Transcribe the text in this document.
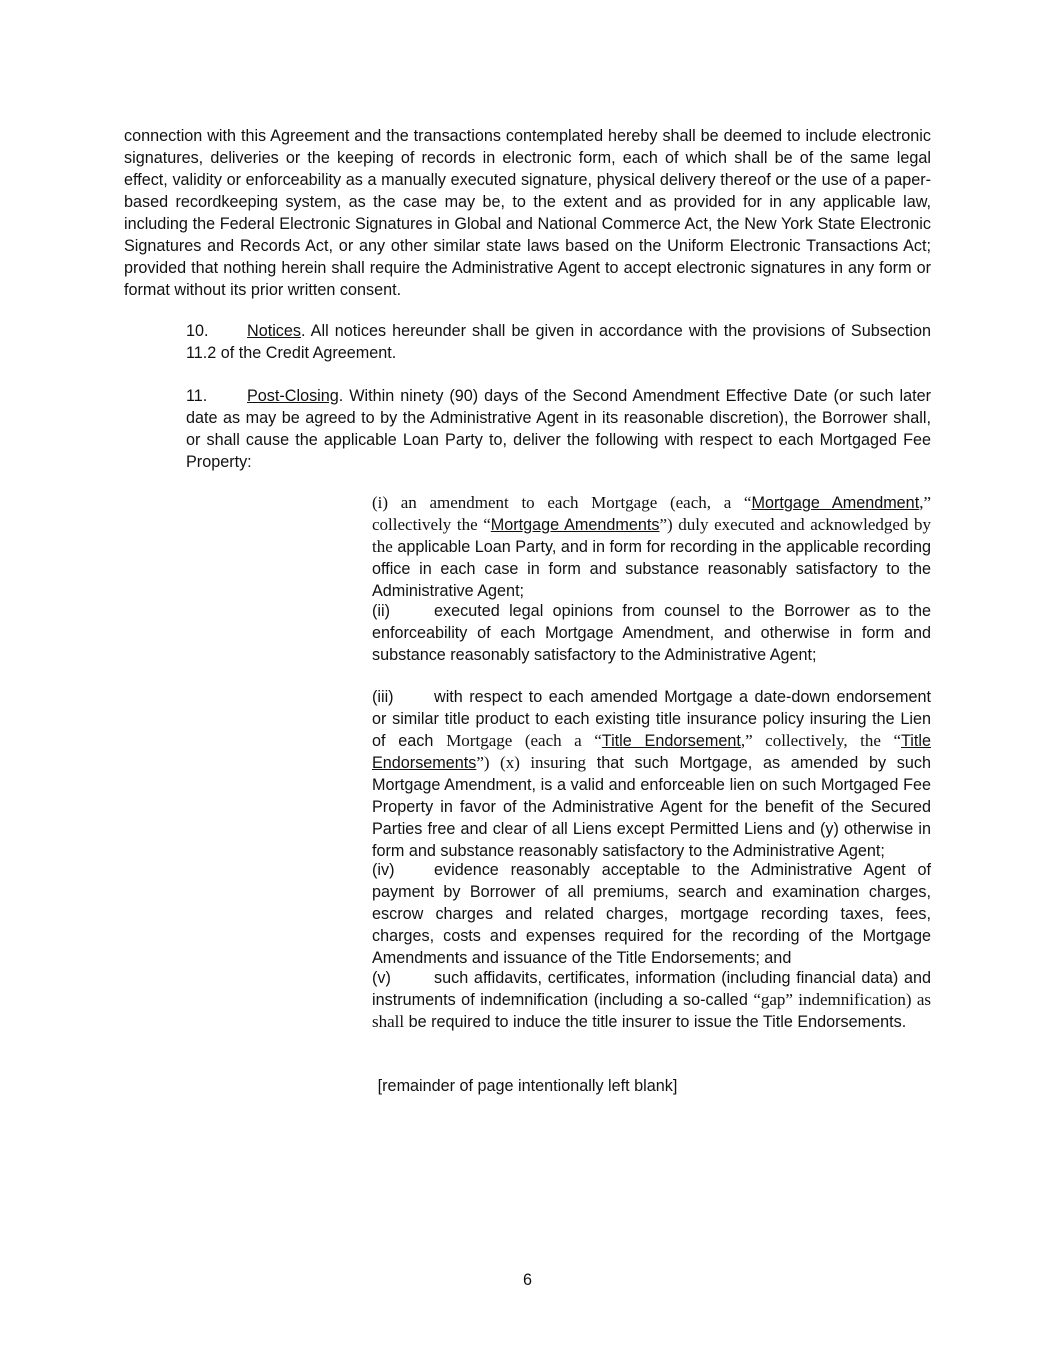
connection with this Agreement and the transactions contemplated hereby shall be deemed to include electronic signatures, deliveries or the keeping of records in electronic form, each of which shall be of the same legal effect, validity or enforceability as a manually executed signature, physical delivery thereof or the use of a paper-based recordkeeping system, as the case may be, to the extent and as provided for in any applicable law, including the Federal Electronic Signatures in Global and National Commerce Act, the New York State Electronic Signatures and Records Act, or any other similar state laws based on the Uniform Electronic Transactions Act; provided that nothing herein shall require the Administrative Agent to accept electronic signatures in any form or format without its prior written consent.

10. Notices. All notices hereunder shall be given in accordance with the provisions of Subsection 11.2 of the Credit Agreement.

11. Post-Closing. Within ninety (90) days of the Second Amendment Effective Date (or such later date as may be agreed to by the Administrative Agent in its reasonable discretion), the Borrower shall, or shall cause the applicable Loan Party to, deliver the following with respect to each Mortgaged Fee Property:

(i) an amendment to each Mortgage (each, a “Mortgage Amendment,” collectively the “Mortgage Amendments”) duly executed and acknowledged by the applicable Loan Party, and in form for recording in the applicable recording office in each case in form and substance reasonably satisfactory to the Administrative Agent;

(ii)	executed legal opinions from counsel to the Borrower as to the enforceability of each Mortgage Amendment, and otherwise in form and substance reasonably satisfactory to the Administrative Agent;

(iii) with respect to each amended Mortgage a date-down endorsement or similar title product to each existing title insurance policy insuring the Lien of each Mortgage (each a “Title Endorsement,” collectively, the “Title Endorsements”) (x) insuring that such Mortgage, as amended by such Mortgage Amendment, is a valid and enforceable lien on such Mortgaged Fee Property in favor of the Administrative Agent for the benefit of the Secured Parties free and clear of all Liens except Permitted Liens and (y) otherwise in form and substance reasonably satisfactory to the Administrative Agent;

(iv) evidence reasonably acceptable to the Administrative Agent of payment by Borrower of all premiums, search and examination charges, escrow charges and related charges, mortgage recording taxes, fees, charges, costs and expenses required for the recording of the Mortgage Amendments and issuance of the Title Endorsements; and

(v)	such affidavits, certificates, information (including financial data) and instruments of indemnification (including a so-called “gap” indemnification) as shall be required to induce the title insurer to issue the Title Endorsements.

[remainder of page intentionally left blank]

6
